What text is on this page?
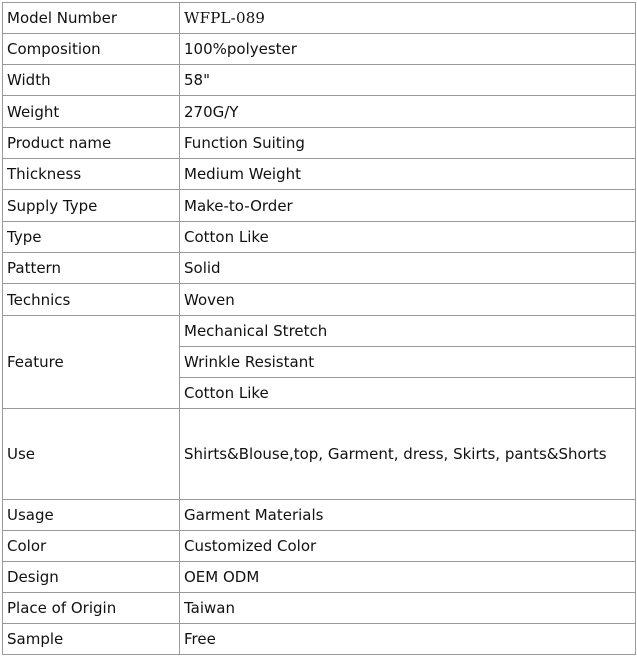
Model Number	WFPL-089
Composition	100%polyester
Width	58"
Weight	270G/Y
Product name	Function Suiting
Thickness	Medium Weight
Supply Type	Make-to-Order
Type	Cotton Like
Pattern	Solid
Technics	Woven
Feature	Mechanical Stretch
	Wrinkle Resistant
	Cotton Like
Use	Shirts&Blouse,top, Garment, dress, Skirts, pants&Shorts
Usage	Garment Materials
Color	Customized Color
Design	OEM ODM
Place of Origin	Taiwan
Sample	Free
